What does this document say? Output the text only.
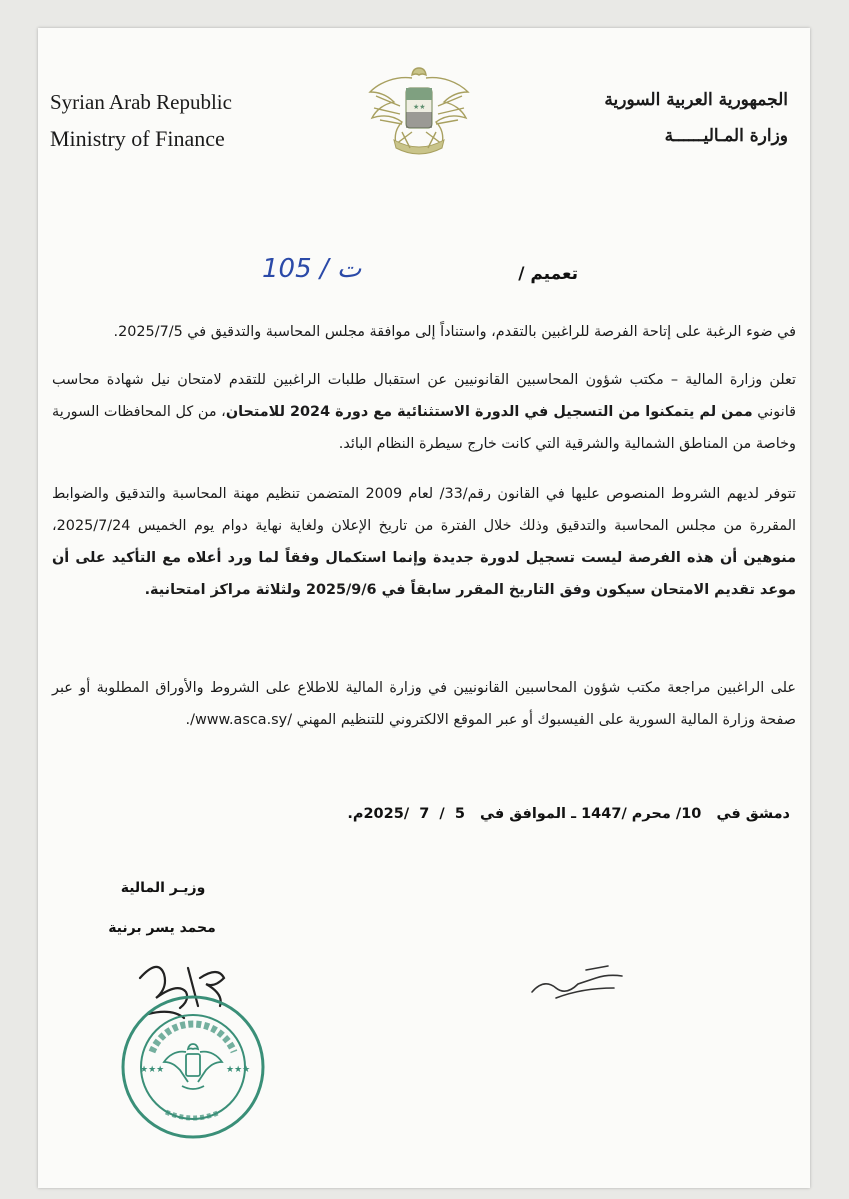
Syrian Arab Republic
Ministry of Finance
الجمهورية العربية السورية
وزارة المـاليــــــة
★★
105 / ت	تعميم /
في ضوء الرغبة على إتاحة الفرصة للراغبين بالتقدم، واستناداً إلى موافقة مجلس المحاسبة والتدقيق في 2025/7/5.
تعلن وزارة المالية – مكتب شؤون المحاسبين القانونيين عن استقبال طلبات الراغبين للتقدم لامتحان نيل شهادة محاسب قانوني ممن لم يتمكنوا من التسجيل في الدورة الاستثنائية مع دورة 2024 للامتحان، من كل المحافظات السورية وخاصة من المناطق الشمالية والشرقية التي كانت خارج سيطرة النظام البائد.
تتوفر لديهم الشروط المنصوص عليها في القانون رقم/33/ لعام 2009 المتضمن تنظيم مهنة المحاسبة والتدقيق والضوابط المقررة من مجلس المحاسبة والتدقيق وذلك خلال الفترة من تاريخ الإعلان ولغاية نهاية دوام يوم الخميس 2025/7/24، منوهين أن هذه الفرصة ليست تسجيل لدورة جديدة وإنما استكمال وفقاً لما ورد أعلاه مع التأكيد على أن موعد تقديم الامتحان سيكون وفق التاريخ المقرر سابقاً في 2025/9/6 ولثلاثة مراكز امتحانية.
على الراغبين مراجعة مكتب شؤون المحاسبين القانونيين في وزارة المالية للاطلاع على الشروط والأوراق المطلوبة أو عبر صفحة وزارة المالية السورية على الفيسبوك أو عبر الموقع الالكتروني للتنظيم المهني /www.asca.sy/.
دمشق في   10/ محرم /1447 ـ الموافق في   5  /  7  /2025م.
وزيـر المالية
محمد يسر برنية
★★★	★★★
